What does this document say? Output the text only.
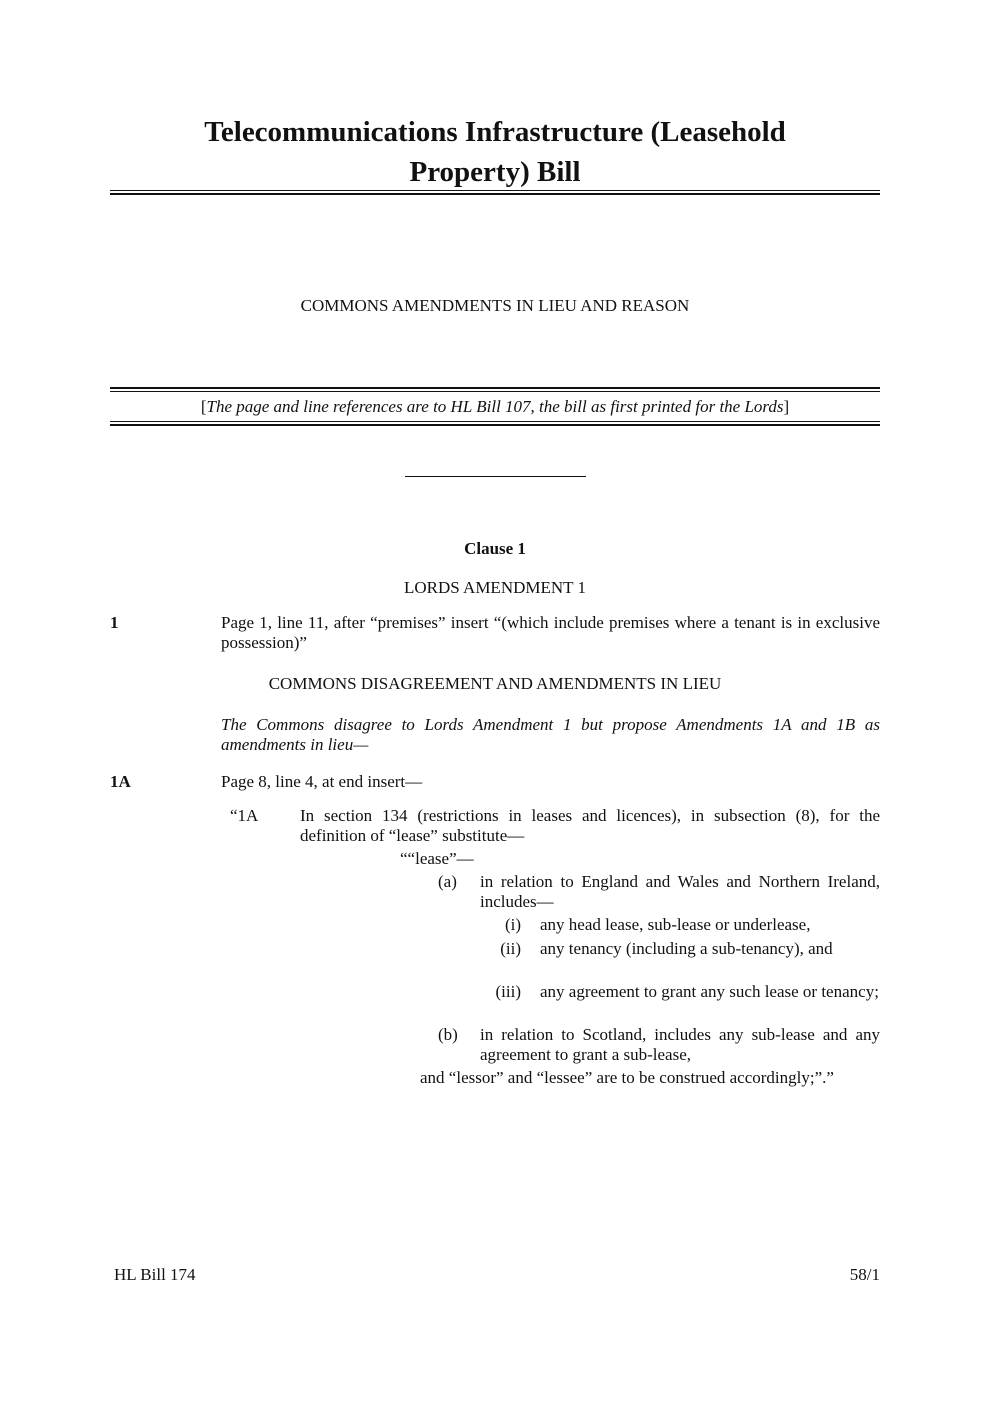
Telecommunications Infrastructure (Leasehold
Property) Bill
COMMONS AMENDMENTS IN LIEU AND REASON
[The page and line references are to HL Bill 107, the bill as first printed for the Lords]
Clause 1
LORDS AMENDMENT 1
1	Page 1, line 11, after “premises” insert “(which include premises where a tenant is in exclusive possession)”
COMMONS DISAGREEMENT AND AMENDMENTS IN LIEU
The Commons disagree to Lords Amendment 1 but propose Amendments 1A and 1B as amendments in lieu—
1A	Page 8, line 4, at end insert—
“1A In section 134 (restrictions in leases and licences), in subsection (8), for the definition of “lease” substitute—
““lease”—
(a) in relation to England and Wales and Northern Ireland, includes—
(i) any head lease, sub-lease or underlease,
(ii) any tenancy (including a sub-tenancy), and
(iii) any agreement to grant any such lease or tenancy;
(b) in relation to Scotland, includes any sub-lease and any agreement to grant a sub-lease,
and “lessor” and “lessee” are to be construed accordingly;”.”
HL Bill 174	58/1
